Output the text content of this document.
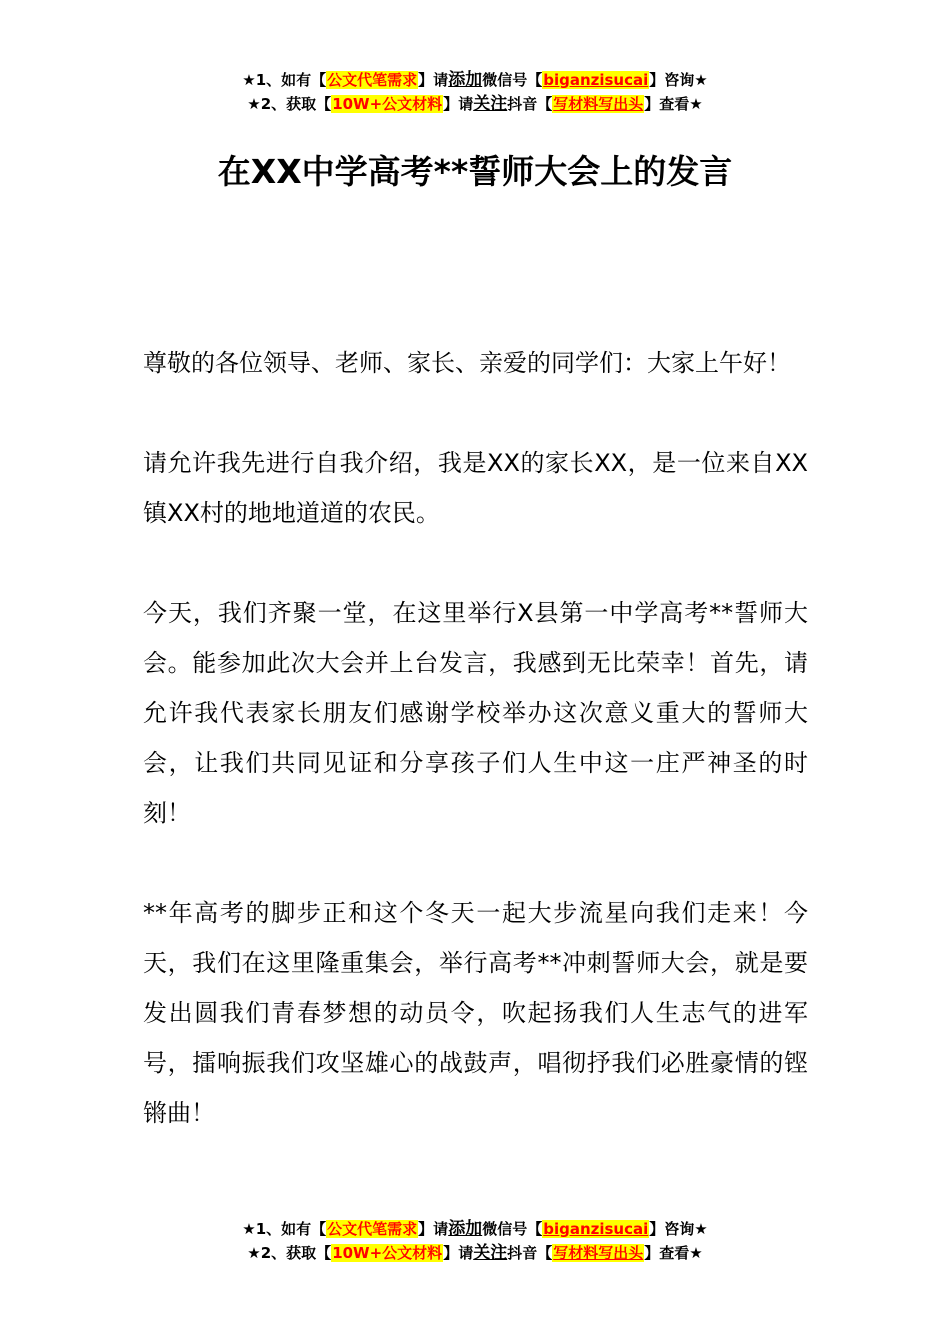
★1、如有【公文代笔需求】请添加微信号【biganzisucai】咨询★
★2、获取【10W+公文材料】请关注抖音【写材料写出头】查看★
在XX中学高考**誓师大会上的发言

尊敬的各位领导、老师、家长、亲爱的同学们：大家上午好！

请允许我先进行自我介绍，我是XX的家长XX，是一位来自XX镇XX村的地地道道的农民。

今天，我们齐聚一堂，在这里举行X县第一中学高考**誓师大会。能参加此次大会并上台发言，我感到无比荣幸！首先，请允许我代表家长朋友们感谢学校举办这次意义重大的誓师大会，让我们共同见证和分享孩子们人生中这一庄严神圣的时刻！

**年高考的脚步正和这个冬天一起大步流星向我们走来！今天，我们在这里隆重集会，举行高考**冲刺誓师大会，就是要发出圆我们青春梦想的动员令，吹起扬我们人生志气的进军号，擂响振我们攻坚雄心的战鼓声，唱彻抒我们必胜豪情的铿锵曲！

★1、如有【公文代笔需求】请添加微信号【biganzisucai】咨询★
★2、获取【10W+公文材料】请关注抖音【写材料写出头】查看★
